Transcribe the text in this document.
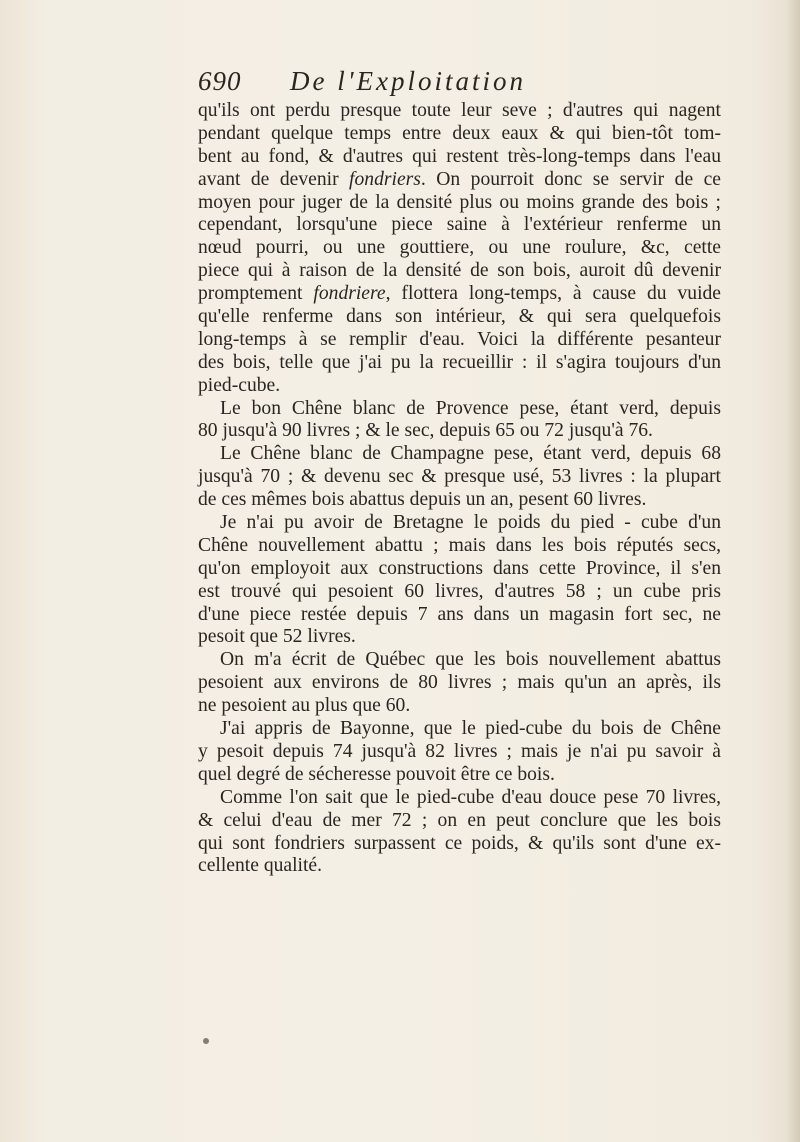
690 De l'Exploitation
qu'ils ont perdu presque toute leur seve ; d'autres qui nagent
pendant quelque temps entre deux eaux & qui bien-tôt tom-
bent au fond, & d'autres qui restent très-long-temps dans l'eau
avant de devenir fondriers. On pourroit donc se servir de ce
moyen pour juger de la densité plus ou moins grande des bois ;
cependant, lorsqu'une piece saine à l'extérieur renferme un
nœud pourri, ou une gouttiere, ou une roulure, &c, cette
piece qui à raison de la densité de son bois, auroit dû devenir
promptement fondriere, flottera long-temps, à cause du vuide
qu'elle renferme dans son intérieur, & qui sera quelquefois
long-temps à se remplir d'eau. Voici la différente pesanteur
des bois, telle que j'ai pu la recueillir : il s'agira toujours d'un
pied-cube.
Le bon Chêne blanc de Provence pese, étant verd, depuis
80 jusqu'à 90 livres ; & le sec, depuis 65 ou 72 jusqu'à 76.
Le Chêne blanc de Champagne pese, étant verd, depuis 68
jusqu'à 70 ; & devenu sec & presque usé, 53 livres : la plupart
de ces mêmes bois abattus depuis un an, pesent 60 livres.
Je n'ai pu avoir de Bretagne le poids du pied - cube d'un
Chêne nouvellement abattu ; mais dans les bois réputés secs,
qu'on employoit aux constructions dans cette Province, il s'en
est trouvé qui pesoient 60 livres, d'autres 58 ; un cube pris
d'une piece restée depuis 7 ans dans un magasin fort sec, ne
pesoit que 52 livres.
On m'a écrit de Québec que les bois nouvellement abattus
pesoient aux environs de 80 livres ; mais qu'un an après, ils
ne pesoient au plus que 60.
J'ai appris de Bayonne, que le pied-cube du bois de Chêne
y pesoit depuis 74 jusqu'à 82 livres ; mais je n'ai pu savoir à
quel degré de sécheresse pouvoit être ce bois.
Comme l'on sait que le pied-cube d'eau douce pese 70 livres,
& celui d'eau de mer 72 ; on en peut conclure que les bois
qui sont fondriers surpassent ce poids, & qu'ils sont d'une ex-
cellente qualité.
